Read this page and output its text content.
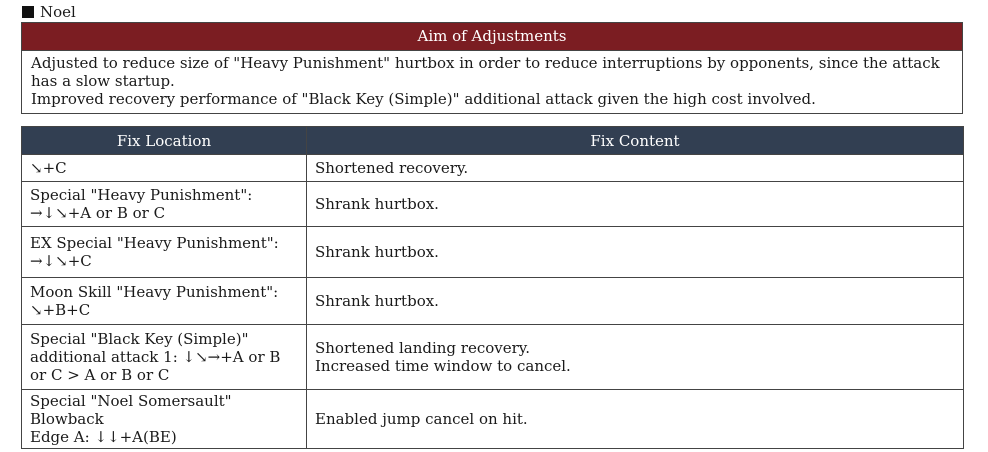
Noel
Aim of Adjustments
Adjusted to reduce size of "Heavy Punishment" hurtbox in order to reduce interruptions by opponents, since the attack has a slow startup.
Improved recovery performance of "Black Key (Simple)" additional attack given the high cost involved.
Fix Location	Fix Content
↘+C	Shortened recovery.
Special "Heavy Punishment":
→↓↘+A or B or C	Shrank hurtbox.
EX Special "Heavy Punishment":
→↓↘+C	Shrank hurtbox.
Moon Skill "Heavy Punishment":
↘+B+C	Shrank hurtbox.
Special "Black Key (Simple)"
additional attack 1: ↓↘→+A or B
or C > A or B or C	Shortened landing recovery.
Increased time window to cancel.
Special "Noel Somersault" Blowback
Edge A: ↓↓+A(BE)	Enabled jump cancel on hit.
